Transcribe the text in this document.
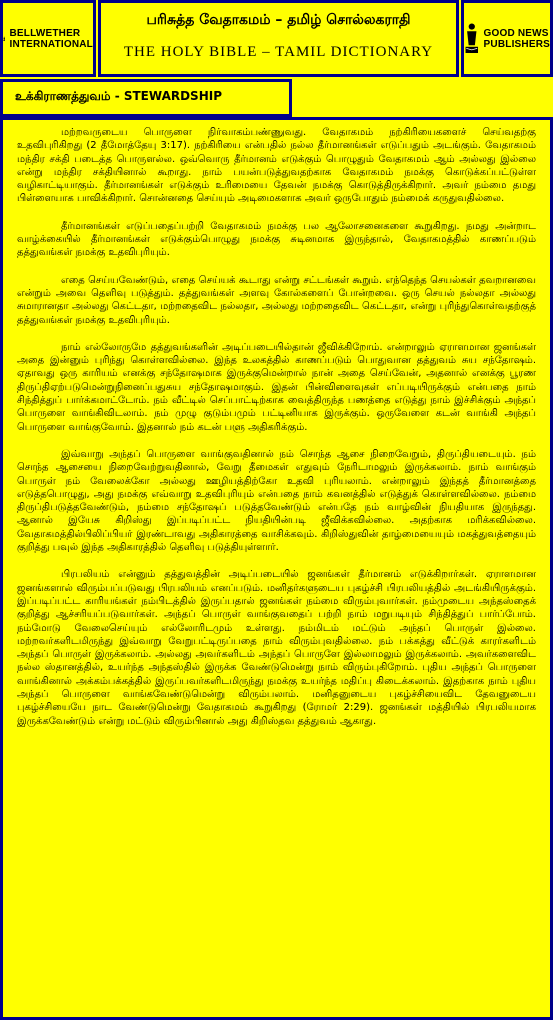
BELLWETHER
INTERNATIONAL
பரிசுத்த வேதாகமம் – தமிழ் சொல்லகராதி
THE HOLY BIBLE – TAMIL DICTIONARY
GOOD NEWS
PUBLISHERS
உக்கிராணத்துவம் - STEWARDSHIP

மற்றவருடைய பொருளை நிர்வாகம்பண்ணுவது. வேதாகமம் நற்கிரியைகளைச் செய்வதற்கு உதவிபுரிகிறது (2 தீமோத்தேயு 3:17). நற்கிரியை என்பதில் நல்ல தீர்மானங்கள் எடுப்பதும் அடங்கும். வேதாகமம் மந்திர சக்தி படைத்த பொருளல்ல. ஒவ்வொரு தீர்மானம் எடுக்கும் பொழுதும் வேதாகமம் ஆம் அல்லது இல்லை என்று மந்திர சக்தியினால் கூறாது. நாம் பயன்படுத்துவதற்காக வேதாகமம் நமக்கு கொடுக்கப்பட்டுள்ள வழிகாட்டியாகும். தீர்மானங்கள் எடுக்கும் உரிமையை தேவன் நமக்கு கொடுத்திருக்கிறார். அவர் நம்மை தமது பிள்ளையாக பாவிக்கிறார். சொன்னதை செய்யும் அடிமைகளாக அவர் ஒருபோதும் நம்மைக் கருதுவதில்லை.

தீர்மானங்கள் எடுப்பதைப்பற்றி வேதாகமம் நமக்கு பல ஆலோசனைகளை கூறுகிறது. நமது அன்றாட வாழ்க்கையில் தீர்மானங்கள் எடுக்கும்பொழுது நமக்கு சுடினமாக இருந்தால், வேதாகமத்தில் காணப்படும் தத்துவங்கள் நமக்கு உதவிபுரியும்.

எதை செய்யவேண்டும், எதை செய்யக் கூடாது என்று சட்டங்கள் கூறும். எந்தெந்த செயல்கள் தவறானவை என்றும் அவை தெளிவு படுத்தும். தத்துவங்கள் அளவு கோல்களைப் போன்றவை. ஒரு செயல் நல்லதா அல்லது சுமாரானதா அல்லது கெட்டதா, மற்றதைவிட நல்லதா, அல்லது மற்றதைவிட கெட்டதா, என்று புரிந்துகொள்வதற்குத் தத்துவங்கள் நமக்கு உதவிபுரியும்.

நாம் எல்லோருமே தத்துவங்களின் அடிப்படையில்தான் ஜீவிக்கிறோம். என்றாலும் ஏராளமான ஜனங்கள் அதை இன்னும் புரிந்து கொள்ளவில்லை. இந்த உலகத்தில் காணப்படும் பொதுவான தத்துவம் சுய சந்தோஷம். ஏதாவது ஒரு காரியம் எனக்கு சந்தோஷமாக இருக்குமென்றால் நான் அதை செய்வேன், அதனால் எனக்கு பூரண திருப்திஏற்படுமென்றுநினைப்பதுசுய சந்தோஷமாகும். இதன் பின்விளைவுகள் எப்படியிருக்கும் என்பதை நாம் சிந்தித்துப் பார்க்கமாட்டோம். நம் வீட்டில் செப்பாட்டிற்காக வைத்திருந்த பணத்தை எடுத்து நாம் இச்சிக்கும் அந்தப் பொருளை வாங்கிவிடலாம். நம் முழு குடும்பமும் பட்டினியாக இருக்கும். ஒருவேளை கடன் வாங்கி அந்தப் பொருளை வாங்குவோம். இதனால் நம் கடன் பளு அதிகரிக்கும்.

இவ்வாறு அந்தப் பொருளை வாங்குவதினால் நம் சொந்த ஆசை நிறைவேறும், திருப்தியடையும். நம் சொந்த ஆசையை நிறைவேற்றுவதினால், வேறு தீமைகள் எதுவும் நேரிடாமலும் இருக்கலாம். நாம் வாங்கும் பொருள் நம் வேலைக்கோ அல்லது ஊழியத்திற்கோ உதவி புரியலாம். என்றாலும் இந்தத் தீர்மானத்தை எடுத்தபொழுது, அது நமக்கு எவ்வாறு உதவிபுரியும் என்பதை நாம் கவனத்தில் எடுத்துக் கொள்ளவில்லை. நம்மை திருப்திபடுத்தவேண்டும், நம்மை சந்தோஷப் படுத்தவேண்டும் என்பதே நம் வாழ்வின் நியதியாக இருந்தது. ஆனால் இயேசு கிறிஸ்து இப்படிப்பட்ட நியதியின்படி ஜீவிக்கவில்லை. அதற்காக மரிக்கவில்லை. வேதாகமத்தில்பிலிப்பியர் இரண்டாவது அதிகாரத்தை வாசிக்கவும். கிறிஸ்துவின் தாழ்மையையும் மகத்துவத்தையும் குறித்து பவுல் இந்த அதிகாரத்தில் தெளிவு படுத்தியுள்ளார்.

பிரபலியம் என்னும் தத்துவத்தின் அடிப்படையில் ஜனங்கள் தீர்மானம் எடுக்கிறார்கள். ஏராளமான ஜனங்களால் விரும்பப்படுவது பிரபலியம் எனப்படும். மனிதர்களுடைய புகழ்ச்சி பிரபலியத்தில் அடங்கியிருக்கும். இப்படிப்பட்ட காரியங்கள் நம்பிடத்தில் இருப்பதால் ஜனங்கள் நம்மை விரும்புவார்கள். நம்முடைய அந்தஸ்தைக் குறித்து ஆச்சரியப்படுவார்கள். அந்தப் பொருள் வாங்குவதைப் பற்றி நாம் மறுபடியும் சிந்தித்துப் பார்ப்போம். நம்மோடு வேலைசெய்யும் எல்லோரிடமும் உள்ளது. நம்மிடம் மட்டும் அந்தப் பொருள் இல்லை. மற்றவர்களிடமிருந்து இவ்வாறு வேறுபட்டிருப்பதை நாம் விரும்புவதில்லை. நம் பக்கத்து வீட்டுக் காரர்களிடம் அந்தப் பொருள் இருக்கலாம். அல்லது அவர்களிடம் அந்தப் பொருளே இல்லாமலும் இருக்கலாம். அவர்களைவிட நல்ல ஸ்தானத்தில், உயர்ந்த அந்தஸ்தில் இருக்க வேண்டுமென்று நாம் விரும்புகிறோம். புதிய அந்தப் பொருளை வாங்கினால் அக்கம்பக்கத்தில் இருப்பவர்களிடமிருந்து நமக்கு உயர்ந்த மதிப்பு கிடைக்கலாம். இதற்காக நாம் புதிய அந்தப் பொருளை வாங்கவேண்டுமென்று விரும்பலாம். மனிதனுடைய புகழ்ச்சியைவிட தேவனுடைய புகழ்ச்சியையே நாட வேண்டுமென்று வேதாகமம் கூறுகிறது (ரோமர் 2:29). ஜனங்கள் மத்தியில் பிரபலியமாக இருக்கவேண்டும் என்று மட்டும் விரும்பினால் அது கிறிஸ்தவ தத்துவம் ஆகாது.
